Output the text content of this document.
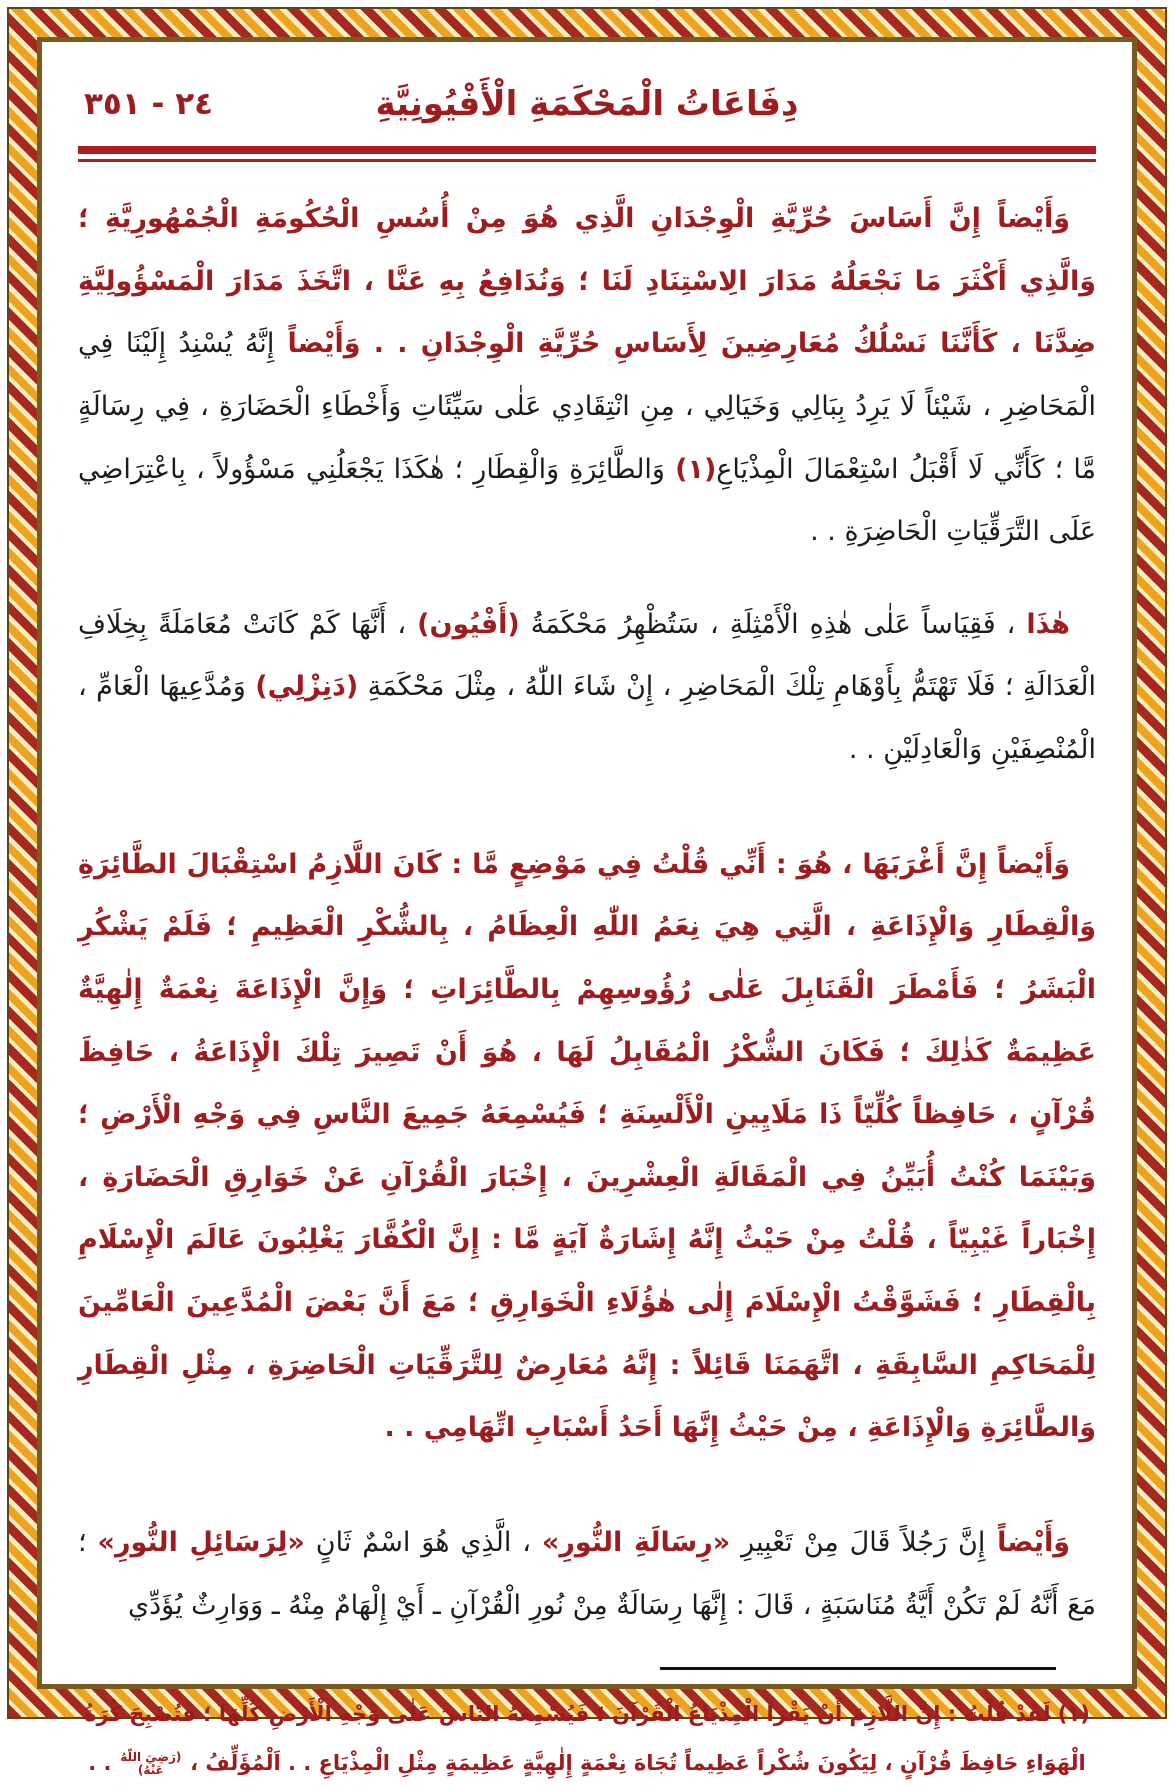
٢٤ - ٣٥١	دِفَاعَاتُ الْمَحْكَمَةِ الْأَفْيُونِيَّةِ

وَأَيْضاً إِنَّ أَسَاسَ حُرِّيَّةِ الْوِجْدَانِ الَّذِي هُوَ مِنْ أُسُسِ الْحُكُومَةِ الْجُمْهُورِيَّةِ ؛ وَالَّذِي أَكْثَرَ مَا نَجْعَلُهُ مَدَارَ الِاسْتِنَادِ لَنَا ؛ وَنُدَافِعُ بِهِ عَنَّا ، اتَّخَذَ مَدَارَ الْمَسْؤُولِيَّةِ ضِدَّنَا ، كَأَنَّنَا نَسْلُكُ مُعَارِضِينَ لِأَسَاسِ حُرِّيَّةِ الْوِجْدَانِ . . وَأَيْضاً إِنَّهُ يُسْنِدُ إِلَيْنَا فِي الْمَحَاضِرِ ، شَيْئاً لَا يَرِدُ بِبَالِي وَخَيَالِي ، مِنِ انْتِقَادِي عَلٰى سَيِّئَاتِ وَأَخْطَاءِ الْحَضَارَةِ ، فِي رِسَالَةٍ مَّا ؛ كَأَنِّي لَا أَقْبَلُ اسْتِعْمَالَ الْمِذْيَاعِ(١) وَالطَّائِرَةِ وَالْقِطَارِ ؛ هٰكَذَا يَجْعَلُنِي مَسْؤُولاً ، بِاعْتِرَاضِي عَلَى التَّرَقِّيَاتِ الْحَاضِرَةِ . .

هٰذَا ، فَقِيَاساً عَلٰى هٰذِهِ الْأَمْثِلَةِ ، سَتُظْهِرُ مَحْكَمَةُ (أَفْيُون) ، أَنَّهَا كَمْ كَانَتْ مُعَامَلَةً بِخِلَافِ الْعَدَالَةِ ؛ فَلَا تَهْتَمُّ بِأَوْهَامِ تِلْكَ الْمَحَاضِرِ ، إِنْ شَاءَ اللّٰهُ ، مِثْلَ مَحْكَمَةِ (دَنِزْلِي) وَمُدَّعِيهَا الْعَامِّ ، الْمُنْصِفَيْنِ وَالْعَادِلَيْنِ . .

وَأَيْضاً إِنَّ أَغْرَبَهَا ، هُوَ : أَنِّي قُلْتُ فِي مَوْضِعٍ مَّا : كَانَ اللَّازِمُ اسْتِقْبَالَ الطَّائِرَةِ وَالْقِطَارِ وَالْإِذَاعَةِ ، الَّتِي هِيَ نِعَمُ اللّٰهِ الْعِظَامُ ، بِالشُّكْرِ الْعَظِيمِ ؛ فَلَمْ يَشْكُرِ الْبَشَرُ ؛ فَأَمْطَرَ الْقَنَابِلَ عَلٰى رُؤُوسِهِمْ بِالطَّائِرَاتِ ؛ وَإِنَّ الْإِذَاعَةَ نِعْمَةٌ إِلٰهِيَّةٌ عَظِيمَةٌ كَذٰلِكَ ؛ فَكَانَ الشُّكْرُ الْمُقَابِلُ لَهَا ، هُوَ أَنْ تَصِيرَ تِلْكَ الْإِذَاعَةُ ، حَافِظَ قُرْآنٍ ، حَافِظاً كُلِّيّاً ذَا مَلَايِينِ الْأَلْسِنَةِ ؛ فَيُسْمِعَهُ جَمِيعَ النَّاسِ فِي وَجْهِ الْأَرْضِ ؛ وَبَيْنَمَا كُنْتُ أُبَيِّنُ فِي الْمَقَالَةِ الْعِشْرِينَ ، إِخْبَارَ الْقُرْآنِ عَنْ خَوَارِقِ الْحَضَارَةِ ، إِخْبَاراً غَيْبِيّاً ، قُلْتُ مِنْ حَيْثُ إِنَّهُ إِشَارَةٌ آيَةٍ مَّا : إِنَّ الْكُفَّارَ يَغْلِبُونَ عَالَمَ الْإِسْلَامِ بِالْقِطَارِ ؛ فَشَوَّقْتُ الْإِسْلَامَ إِلٰى هٰؤُلَاءِ الْخَوَارِقِ ؛ مَعَ أَنَّ بَعْضَ الْمُدَّعِينَ الْعَامِّينَ لِلْمَحَاكِمِ السَّابِقَةِ ، اتَّهَمَنَا قَائِلاً : إِنَّهُ مُعَارِضٌ لِلتَّرَقِّيَاتِ الْحَاضِرَةِ ، مِثْلِ الْقِطَارِ وَالطَّائِرَةِ وَالْإِذَاعَةِ ، مِنْ حَيْثُ إِنَّهَا أَحَدُ أَسْبَابِ اتِّهَامِي . .

وَأَيْضاً إِنَّ رَجُلاً قَالَ مِنْ تَعْبِيرِ «رِسَالَةِ النُّورِ» ، الَّذِي هُوَ اسْمٌ ثَانٍ «لِرَسَائِلِ النُّورِ» ؛ مَعَ أَنَّهُ لَمْ تَكُنْ أَيَّةُ مُنَاسَبَةٍ ، قَالَ : إِنَّهَا رِسَالَةٌ مِنْ نُورِ الْقُرْآنِ ـ أَيْ إِلْهَامٌ مِنْهُ ـ وَوَارِثٌ يُؤَدِّي

(١) لَقَدْ قُلْتُ : إِنَّ اللَّازِمَ أَنْ يَقْرَأَ الْمِذْيَاعُ الْقُرْآنَ ؛ فَيُسْمِعَهُ النَّاسَ عَلٰى وَجْهِ الْأَرْضِ كُلِّهَا ؛ فَتُصْبِحَ كُرَةُ الْهَوَاءِ حَافِظَ قُرْآنٍ ، لِيَكُونَ شُكْراً عَظِيماً تُجَاهَ نِعْمَةٍ إِلٰهِيَّةٍ عَظِيمَةٍ مِثْلِ الْمِذْيَاعِ . . اَلْمُؤَلِّفُ ، (رَضِيَ اللّٰهُ عَنْهُ) . .
